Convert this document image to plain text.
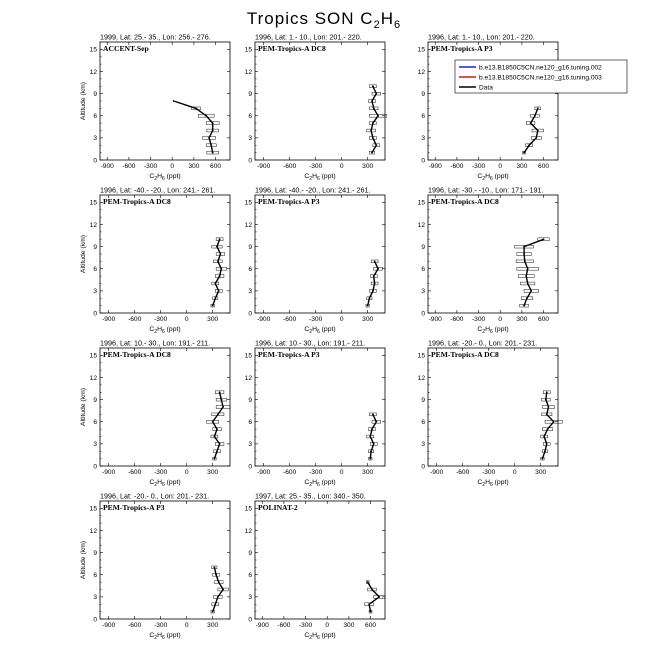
Tropics SON $C_2H_6$
1999, Lat: 25.- 35., Lon: 256.- 276.
ACCENT-Sep
0
3
6
9
12
15
-900 -600 -300 0 300 600
$C_2H_6$ (ppt)
Altitude (km)
1996, Lat: 1.- 10., Lon: 201.- 220.
PEM-Tropics-A DC8
0
3
6
9
12
15
-900 -600 -300	0	300
$C_2H_6$ (ppt)
1996, Lat: 1.- 10., Lon: 201.- 220.
PEM-Tropics-A P3
0
3
6
9
12
15
-900 -600 -300 0 300 600
$C_2H_6$ (ppt)
1996, Lat: -40.- -20., Lon: 241.- 261.
PEM-Tropics-A DC8
0
3
6
9
12
15
-900 -600 -300	0	300
$C_2H_6$ (ppt)
Altitude (km)
1996, Lat: -40.- -20., Lon: 241.- 261.
PEM-Tropics-A P3
0
3
6
9
12
15
-900 -600 -300	0	300
$C_2H_6$ (ppt)
1996, Lat: -30.- -10., Lon: 171.- 191.
PEM-Tropics-A DC8
0
3
6
9
12
15
-900 -600 -300 0 300 600
$C_2H_6$ (ppt)
1996, Lat: 10.- 30., Lon: 191.- 211.
PEM-Tropics-A DC8
0
3
6
9
12
15
-900 -600 -300	0	300
$C_2H_6$ (ppt)
Altitude (km)
1996, Lat: 10.- 30., Lon: 191.- 211.
PEM-Tropics-A P3
0
3
6
9
12
15
-900 -600 -300	0	300
$C_2H_6$ (ppt)
1996, Lat: -20.- 0., Lon: 201.- 231.
PEM-Tropics-A DC8
0
3
6
9
12
15
-900 -600 -300	0	300
$C_2H_6$ (ppt)
1996, Lat: -20.- 0., Lon: 201.- 231.
PEM-Tropics-A P3
0
3
6
9
12
15
-900 -600 -300	0	300
$C_2H_6$ (ppt)
Altitude (km)
1997, Lat: 25.- 35., Lon: 340.- 350.
POLINAT-2
0
3
6
9
12
15
-900 -600 -300 0 300 600
$C_2H_6$ (ppt)
b.e13.B1850C5CN.ne120_g16.tuning.002
b.e13.B1850C5CN.ne120_g16.tuning.003
Data
